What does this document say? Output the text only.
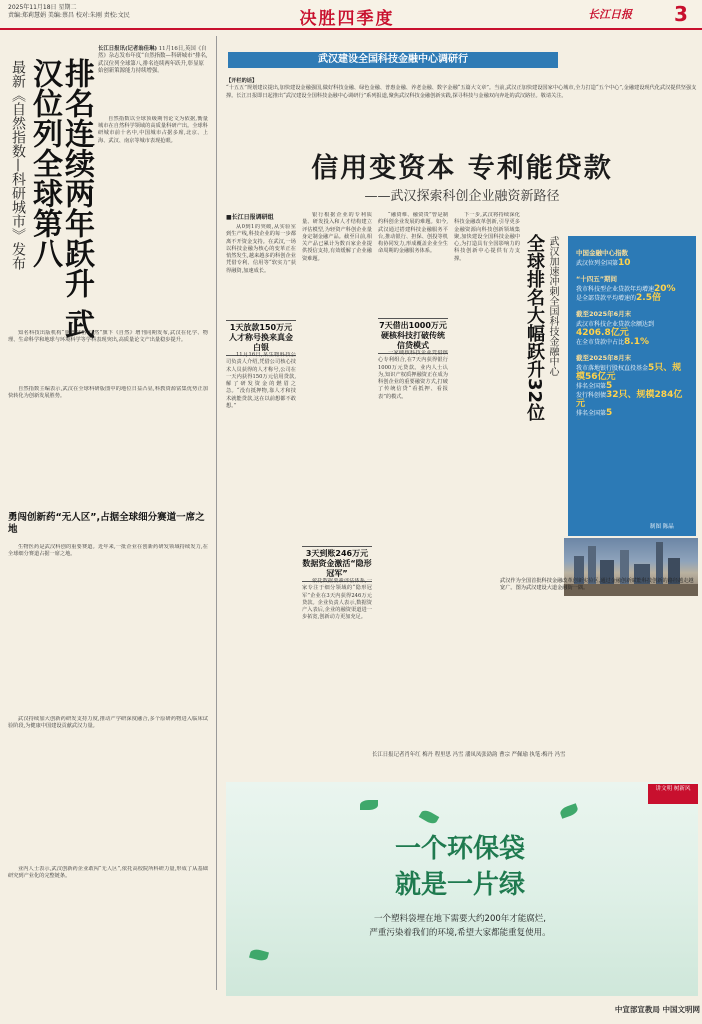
2025年11月18日 星期二
责编:郑莉慧娟 美编:蔡昌 校对:朱刚 责校:文民	决胜四季度	长江日报 3
长江日报讯(记者翁佳琳) 11月16日,英国《自然》杂志发布年度“自然指数—科研城市”排名,武汉位列全球第八,排名连续两年跃升,彰显原始创新策源能力持续增强。
最新《自然指数—科研城市》发布	排名连续两年跃升 武汉位列全球第八	自然指数以全球顶级期刊论文为依据,衡量城市在自然科学领域的高质量科研产出。全球科研城市前十名中,中国城市占据多席,北京、上海、武汉、南京等城市表现抢眼。
知名科技出版机构“施普林格·自然”旗下《自然》增刊同期发布,武汉在化学、物理、生命科学和地球与环境科学等学科表现突出,高质量论文产出量稳步提升。
自然指数主编表示,武汉在全球科研版图中的地位日益凸显,科教资源富集优势正加快转化为创新发展胜势。
勇闯创新药“无人区”,占据全球细分赛道一席之地
生物医药是武汉科创的重要赛道。近年来,一批企业在创新药研发领域持续发力,在全球细分赛道占据一席之地。
武汉持续加大创新药研发支持力度,推动产学研深度融合,多个原研药物进入临床试验阶段,为健康中国建设贡献武汉力量。
业内人士表示,武汉创新药企业敢闯“无人区”,依托高校院所科研力量,形成了从基础研究到产业化的完整链条。
武汉建设全国科技金融中心调研行
【开栏的话】
“十五五”规划建议提出,加快建设金融强国,做好科技金融、绿色金融、普惠金融、养老金融、数字金融“五篇大文章”。当前,武汉正加快建设国家中心城市,全力打造“五个中心”,金融建设现代化武汉提供坚强支撑。长江日报即日起推出“武汉建设全国科技金融中心调研行”系列报道,聚焦武汉科技金融创新实践,探寻科技与金融双向奔赴的武汉路径。敬请关注。
信用变资本 专利能贷款
——武汉探索科创企业融资新路径
■长江日报调研组
从0到1的突破,从实验室到生产线,科技企业的每一步都离不开资金支持。在武汉,一场以科技金融为核心的变革正在悄然发生,越来越多的科创企业凭借专利、信用等“软实力”获得融资,加速成长。
1天放款150万元 人才称号换来真金白银
11月16日,某生物科技公司负责人介绍,凭借公司核心技术人员获得的人才称号,公司在一天内获得150万元信用贷款,解了研发资金的燃眉之急。“没有抵押物,靠人才和技术就能贷款,这在以前想都不敢想。”
银行根据企业的专利质量、研发投入和人才结构建立评估模型,为轻资产科创企业量身定制金融产品。截至目前,相关产品已累计为数百家企业提供授信支持,有效缓解了企业融资难题。
3天到账246万元 数据资金激活“隐形冠军”
依托数据要素评估体系,一家专注于细分领域的“隐形冠军”企业在3天内获得246万元贷款。企业负责人表示,数据资产入表后,企业的融资渠道进一步拓宽,创新动力更加充足。
“融资难、融资贵”曾是制约科创企业发展的难题。如今,武汉通过搭建科技金融服务平台,推动银行、担保、创投等机构协同发力,形成覆盖企业全生命周期的金融服务体系。
7天借出1000万元 硬核科技打破传统信贷模式
一家硬核科技企业凭借核心专利组合,在7天内获得银行1000万元贷款。业内人士认为,知识产权质押融资正在成为科创企业的重要融资方式,打破了传统信贷“看抵押、看报表”的模式。
下一步,武汉将持续深化科技金融改革创新,引导更多金融资源向科技创新领域集聚,加快建设全国科技金融中心,为打造具有全国影响力的科技创新中心提供有力支撑。	全球排名大幅跃升32位 武汉加速冲刺全国科技金融中心	中国金融中心指数
武汉位列全国第10
“十四五”期间
我市科技型企业贷款年均增速20%
是全部贷款平均增速的2.5倍
截至2025年6月末
武汉市科技企业贷款余额达到4206.8亿元
在全市贷款中占比8.1%
截至2025年8月末
我市落地银行股权直投基金5只、规模56亿元
排名全国第5
发行科创债32只、规模284亿元
排名全国第5
制图 陈晶
武汉作为全国首批科技金融改革创新实验区,通过金融创新赋能科技创新的路径越走越宽广。图为武汉建设大道金融街一隅。
长江日报记者肖年红 梅丹 程里思 冯雪 潘凤凤张劭韵 曹宗 严佩瑜 执笔:梅丹 冯雪
讲文明 树新风
一个环保袋
就是一片绿
一个塑料袋埋在地下需要大约200年才能腐烂,
严重污染着我们的环境,希望大家都能重复使用。
中宣部宣教局 中国文明网
